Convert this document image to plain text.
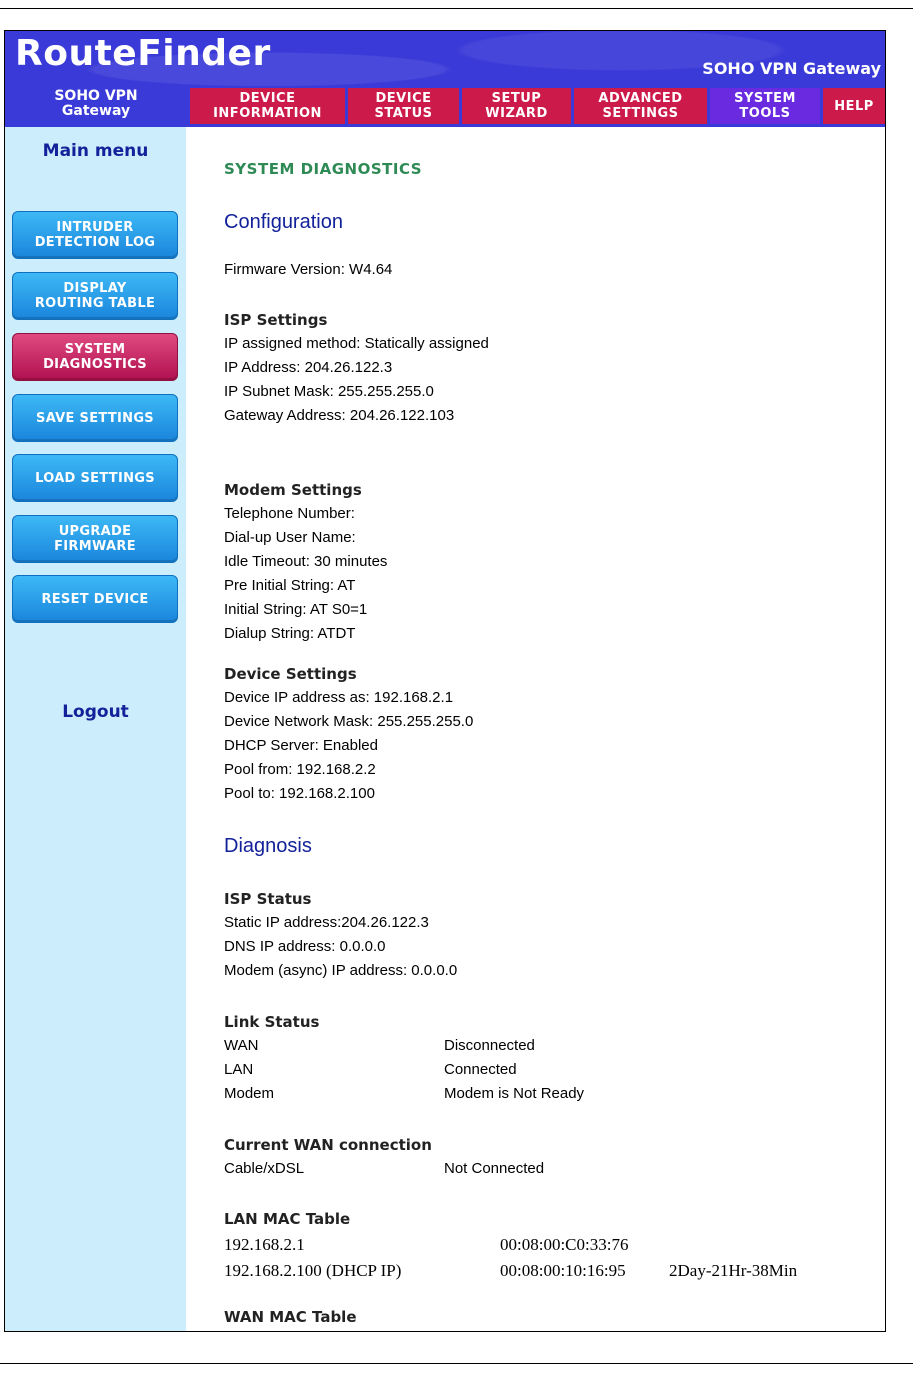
RouteFinder
SOHO VPN
Gateway
SOHO VPN Gateway
DEVICE
INFORMATION
DEVICE
STATUS
SETUP
WIZARD
ADVANCED
SETTINGS
SYSTEM
TOOLS	HELP
Main menu
INTRUDER
DETECTION LOG
DISPLAY
ROUTING TABLE
SYSTEM
DIAGNOSTICS
SAVE SETTINGS
LOAD SETTINGS
UPGRADE
FIRMWARE
RESET DEVICE
Logout
SYSTEM DIAGNOSTICS
Configuration
Firmware Version: W4.64
ISP Settings
IP assigned method: Statically assigned
IP Address: 204.26.122.3
IP Subnet Mask: 255.255.255.0
Gateway Address: 204.26.122.103
Modem Settings
Telephone Number:
Dial-up User Name:
Idle Timeout: 30 minutes
Pre Initial String: AT
Initial String: AT S0=1
Dialup String: ATDT
Device Settings
Device IP address as: 192.168.2.1
Device Network Mask: 255.255.255.0
DHCP Server: Enabled
Pool from: 192.168.2.2
Pool to: 192.168.2.100
Diagnosis
ISP Status
Static IP address:204.26.122.3
DNS IP address: 0.0.0.0
Modem (async) IP address: 0.0.0.0
Link Status
WAN	Disconnected
LAN	Connected
Modem	Modem is Not Ready
Current WAN connection
Cable/xDSL	Not Connected
LAN MAC Table
192.168.2.1	00:08:00:C0:33:76
192.168.2.100 (DHCP IP)	00:08:00:10:16:95	2Day-21Hr-38Min
WAN MAC Table
